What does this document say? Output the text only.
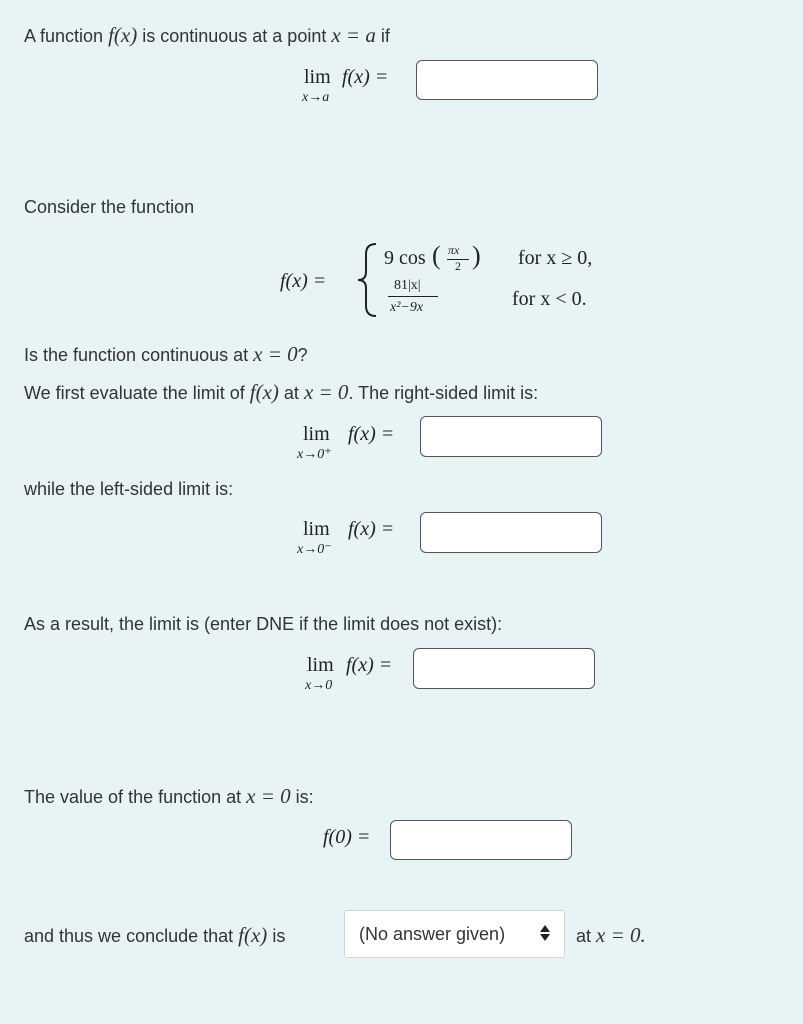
A function f(x) is continuous at a point x = a if
lim
x→a
f(x) =
Consider the function
f(x) =
9 cos ( πx
2 ) for x ≥ 0,
81|x|
x²−9x	for x < 0.
Is the function continuous at x = 0?
We first evaluate the limit of f(x) at x = 0. The right-sided limit is:
lim
x→0⁺
f(x) =
while the left-sided limit is:
lim
x→0⁻
f(x) =
As a result, the limit is (enter DNE if the limit does not exist):
lim
x→0
f(x) =
The value of the function at x = 0 is:
f(0) =
and thus we conclude that f(x) is	(No answer given)	at x = 0.
